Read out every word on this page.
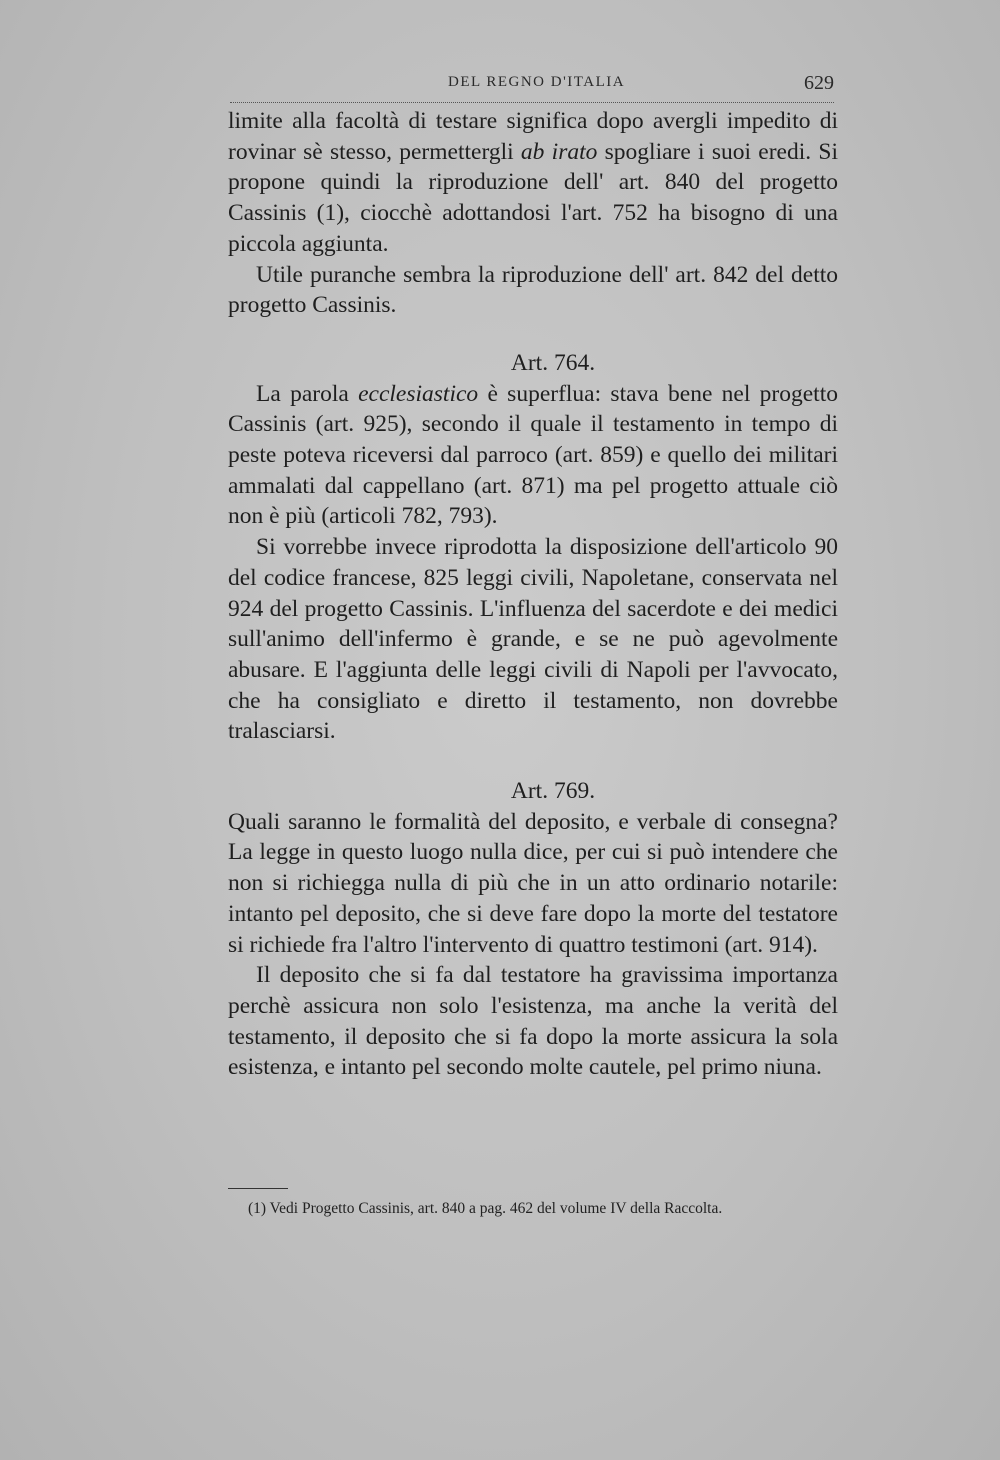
DEL REGNO D'ITALIA	629

limite alla facoltà di testare significa dopo avergli impedito di rovinar sè stesso, permettergli ab irato spogliare i suoi eredi. Si propone quindi la riproduzione dell' art. 840 del progetto Cassinis (1), ciocchè adottandosi l'art. 752 ha bisogno di una piccola aggiunta.

Utile puranche sembra la riproduzione dell' art. 842 del detto progetto Cassinis.

Art. 764.

La parola ecclesiastico è superflua: stava bene nel progetto Cassinis (art. 925), secondo il quale il testamento in tempo di peste poteva riceversi dal parroco (art. 859) e quello dei militari ammalati dal cappellano (art. 871) ma pel progetto attuale ciò non è più (articoli 782, 793).

Si vorrebbe invece riprodotta la disposizione dell'articolo 90 del codice francese, 825 leggi civili, Napoletane, conservata nel 924 del progetto Cassinis. L'influenza del sacerdote e dei medici sull'animo dell'infermo è grande, e se ne può agevolmente abusare. E l'aggiunta delle leggi civili di Napoli per l'avvocato, che ha consigliato e diretto il testamento, non dovrebbe tralasciarsi.

Art. 769.

Quali saranno le formalità del deposito, e verbale di consegna? La legge in questo luogo nulla dice, per cui si può intendere che non si richiegga nulla di più che in un atto ordinario notarile: intanto pel deposito, che si deve fare dopo la morte del testatore si richiede fra l'altro l'intervento di quattro testimoni (art. 914).

Il deposito che si fa dal testatore ha gravissima importanza perchè assicura non solo l'esistenza, ma anche la verità del testamento, il deposito che si fa dopo la morte assicura la sola esistenza, e intanto pel secondo molte cautele, pel primo niuna.

(1) Vedi Progetto Cassinis, art. 840 a pag. 462 del volume IV della Raccolta.
